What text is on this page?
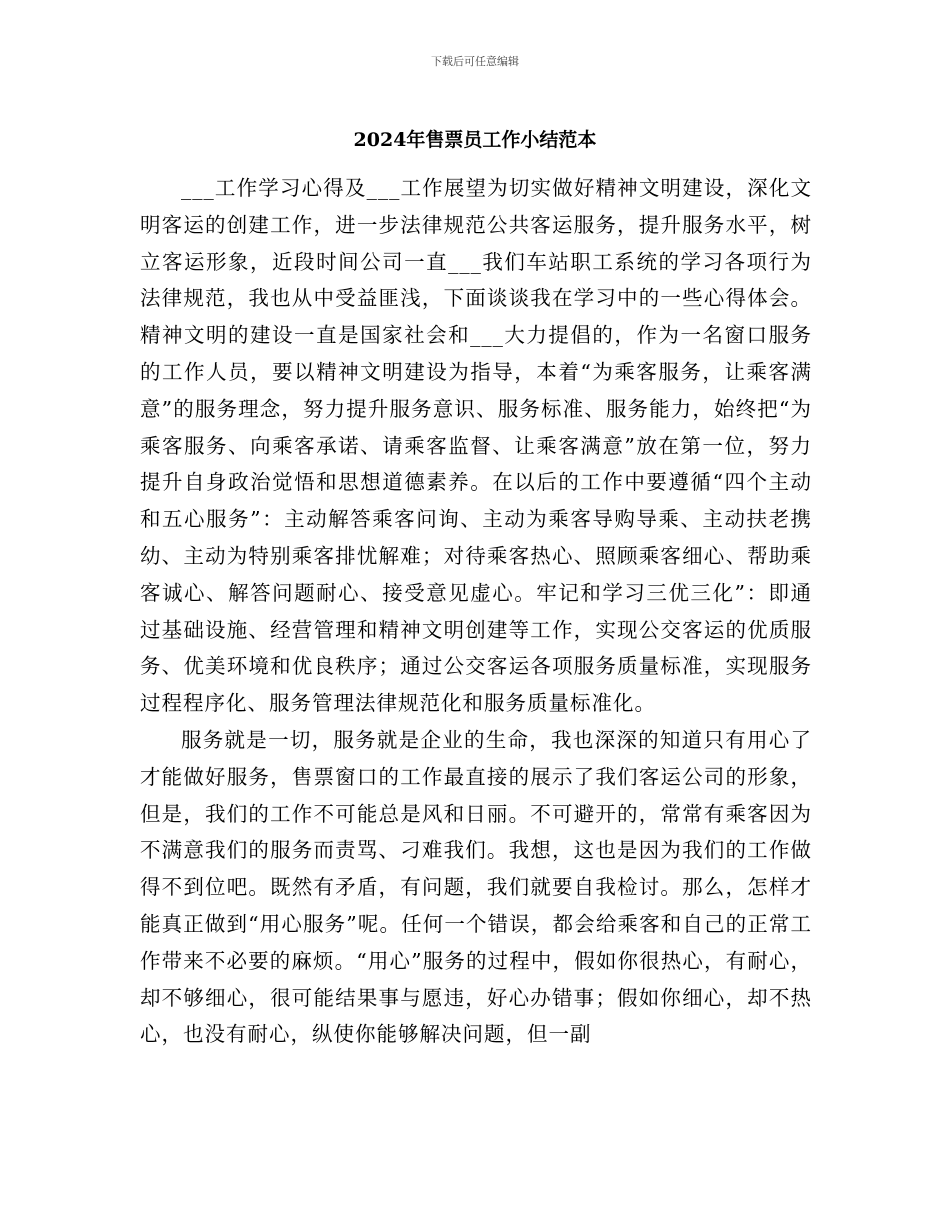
下载后可任意编辑
2024年售票员工作小结范本

___工作学习心得及___工作展望为切实做好精神文明建设，深化文明客运的创建工作，进一步法律规范公共客运服务，提升服务水平，树立客运形象，近段时间公司一直___我们车站职工系统的学习各项行为法律规范，我也从中受益匪浅，下面谈谈我在学习中的一些心得体会。精神文明的建设一直是国家社会和___大力提倡的，作为一名窗口服务的工作人员，要以精神文明建设为指导，本着“为乘客服务，让乘客满意”的服务理念，努力提升服务意识、服务标准、服务能力，始终把“为乘客服务、向乘客承诺、请乘客监督、让乘客满意”放在第一位，努力提升自身政治觉悟和思想道德素养。在以后的工作中要遵循“四个主动和五心服务”：主动解答乘客问询、主动为乘客导购导乘、主动扶老携幼、主动为特别乘客排忧解难；对待乘客热心、照顾乘客细心、帮助乘客诚心、解答问题耐心、接受意见虚心。牢记和学习三优三化”：即通过基础设施、经营管理和精神文明创建等工作，实现公交客运的优质服务、优美环境和优良秩序；通过公交客运各项服务质量标准，实现服务过程程序化、服务管理法律规范化和服务质量标准化。

服务就是一切，服务就是企业的生命，我也深深的知道只有用心了才能做好服务，售票窗口的工作最直接的展示了我们客运公司的形象，但是，我们的工作不可能总是风和日丽。不可避开的，常常有乘客因为不满意我们的服务而责骂、刁难我们。我想，这也是因为我们的工作做得不到位吧。既然有矛盾，有问题，我们就要自我检讨。那么，怎样才能真正做到“用心服务”呢。任何一个错误，都会给乘客和自己的正常工作带来不必要的麻烦。“用心”服务的过程中，假如你很热心，有耐心，却不够细心，很可能结果事与愿违，好心办错事；假如你细心，却不热心，也没有耐心，纵使你能够解决问题，但一副
